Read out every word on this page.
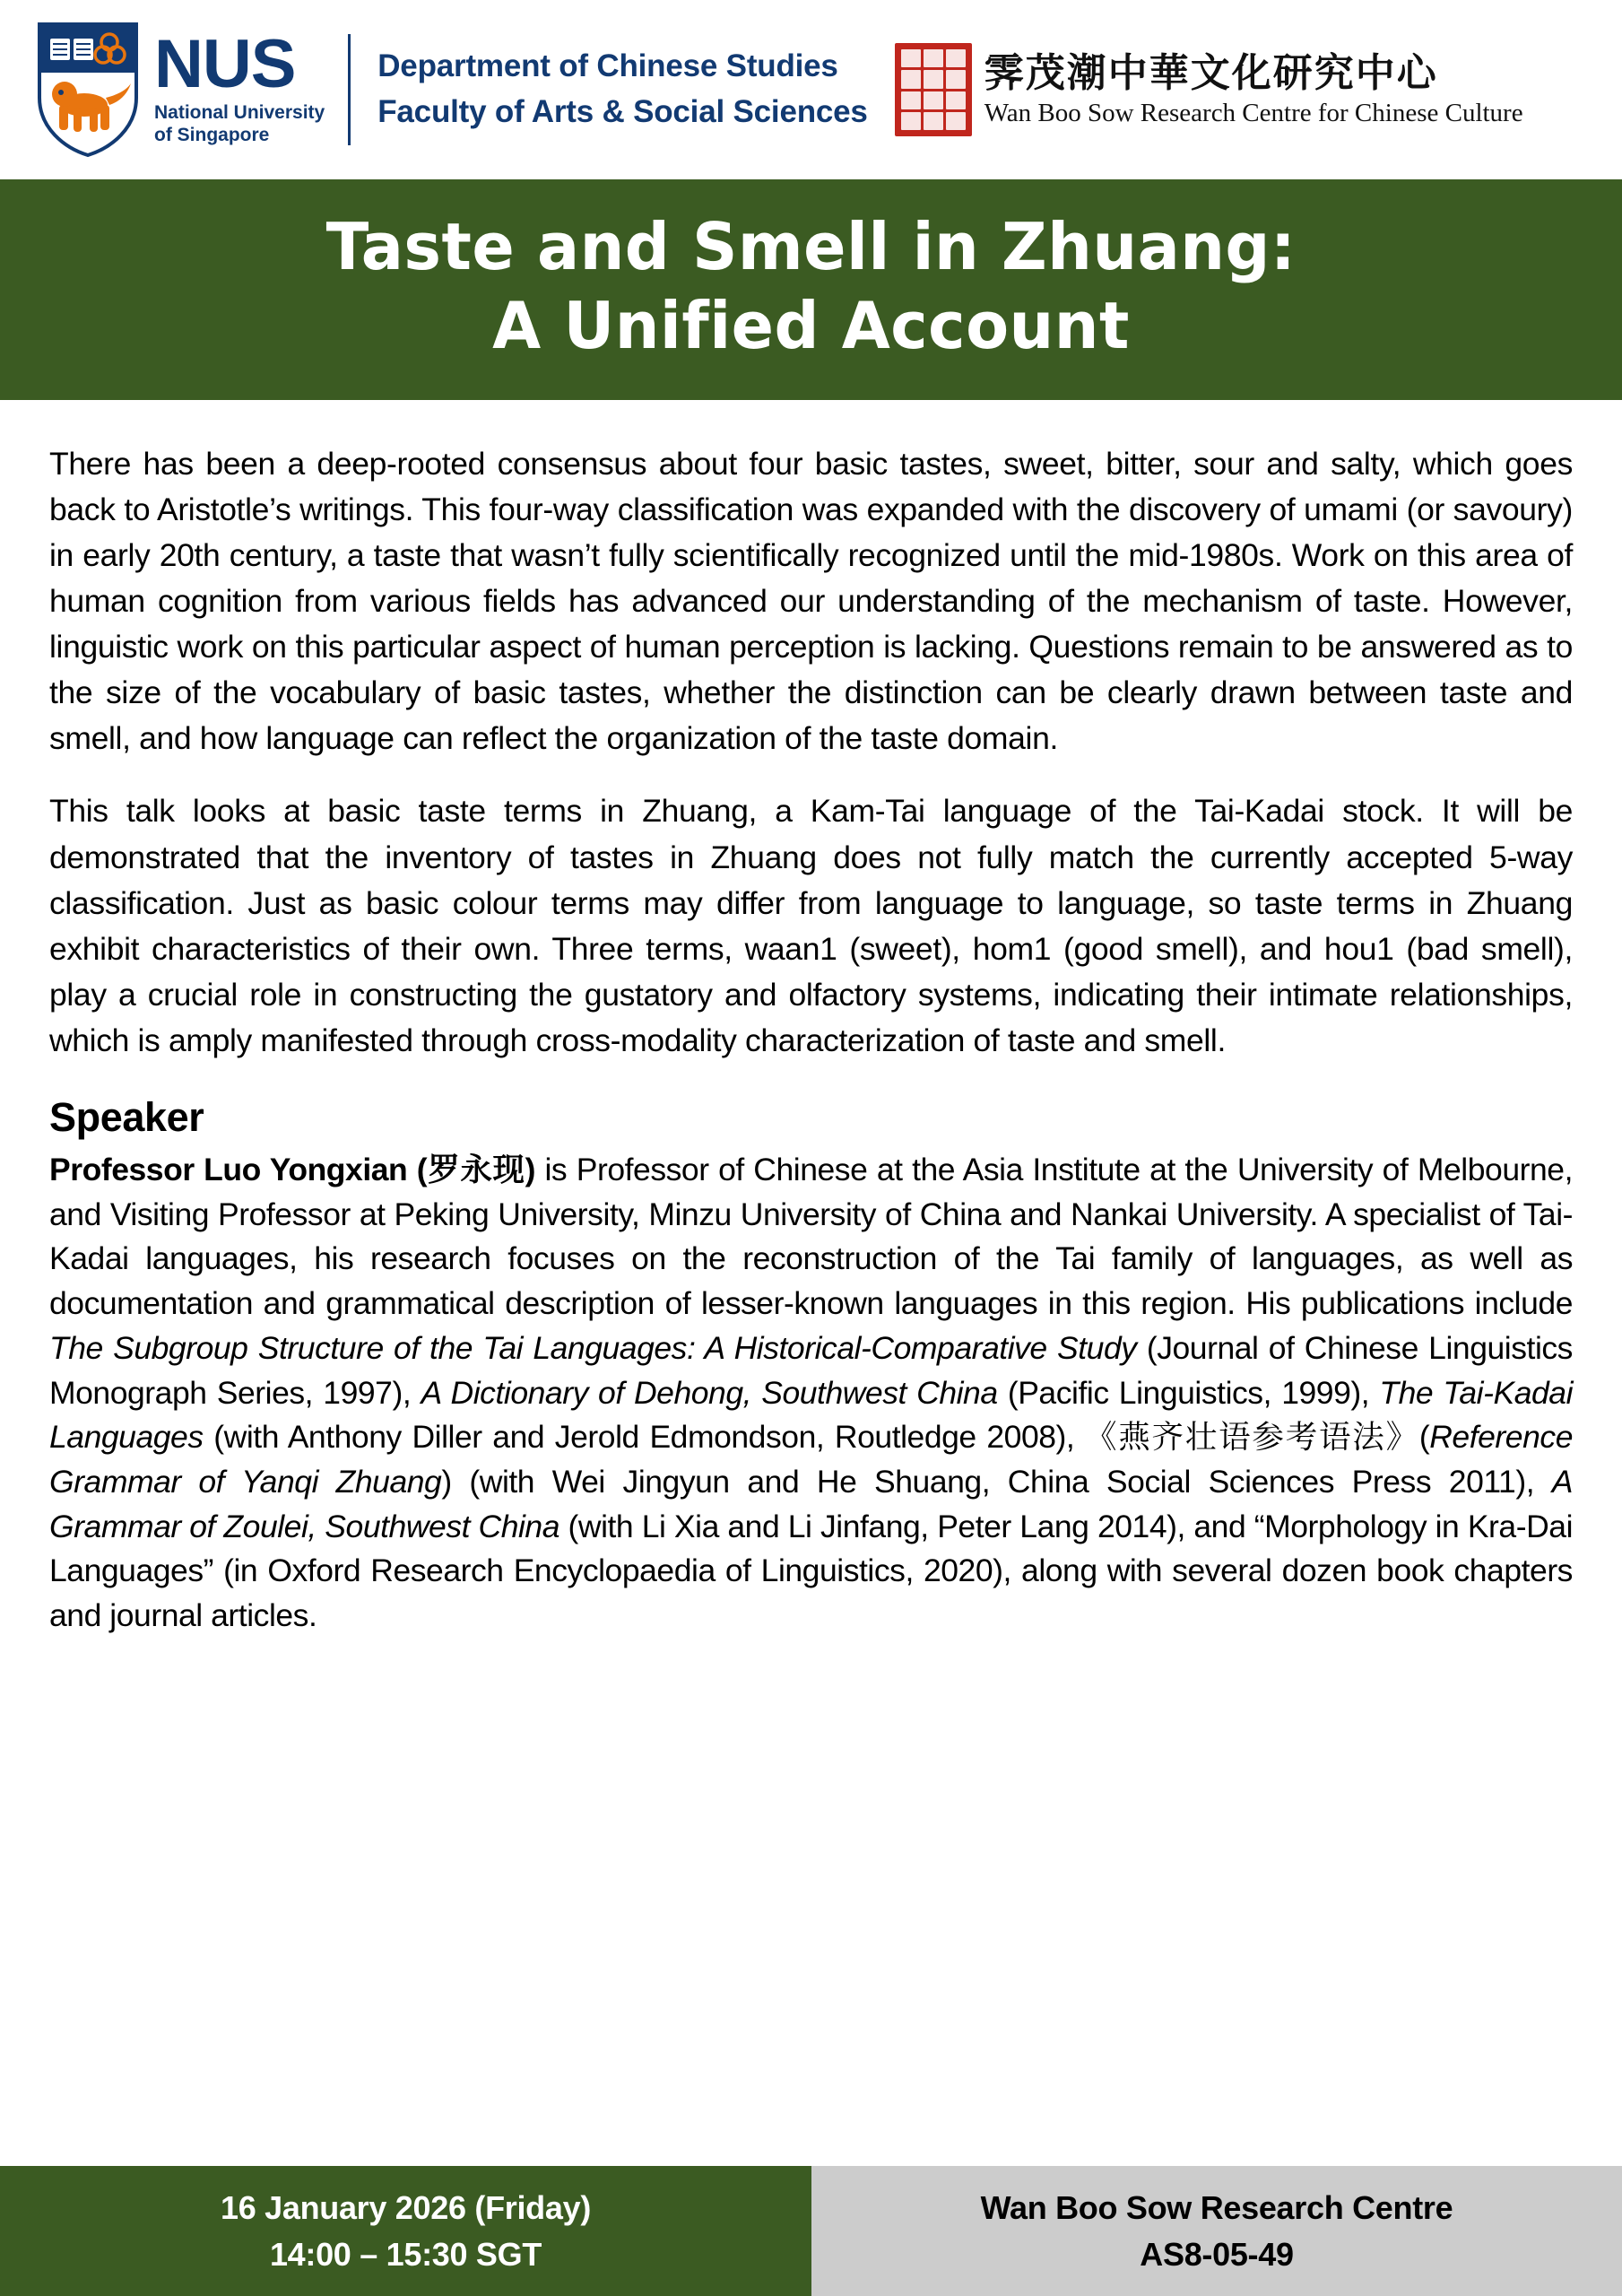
NUS
National University
of Singapore
Department of Chinese Studies
Faculty of Arts & Social Sciences
霁茂潮中華文化研究中心
Wan Boo Sow Research Centre for Chinese Culture
Taste and Smell in Zhuang:
A Unified Account

There has been a deep-rooted consensus about four basic tastes, sweet, bitter, sour and salty, which goes back to Aristotle’s writings. This four-way classification was expanded with the discovery of umami (or savoury) in early 20th century, a taste that wasn’t fully scientifically recognized until the mid-1980s. Work on this area of human cognition from various fields has advanced our understanding of the mechanism of taste. However, linguistic work on this particular aspect of human perception is lacking. Questions remain to be answered as to the size of the vocabulary of basic tastes, whether the distinction can be clearly drawn between taste and smell, and how language can reflect the organization of the taste domain.

This talk looks at basic taste terms in Zhuang, a Kam-Tai language of the Tai-Kadai stock. It will be demonstrated that the inventory of tastes in Zhuang does not fully match the currently accepted 5-way classification. Just as basic colour terms may differ from language to language, so taste terms in Zhuang exhibit characteristics of their own. Three terms, waan1 (sweet), hom1 (good smell), and hou1 (bad smell), play a crucial role in constructing the gustatory and olfactory systems, indicating their intimate relationships, which is amply manifested through cross-modality characterization of taste and smell.

Speaker

Professor Luo Yongxian (罗永现) is Professor of Chinese at the Asia Institute at the University of Melbourne, and Visiting Professor at Peking University, Minzu University of China and Nankai University. A specialist of Tai-Kadai languages, his research focuses on the reconstruction of the Tai family of languages, as well as documentation and grammatical description of lesser-known languages in this region. His publications include The Subgroup Structure of the Tai Languages: A Historical-Comparative Study (Journal of Chinese Linguistics Monograph Series, 1997), A Dictionary of Dehong, Southwest China (Pacific Linguistics, 1999), The Tai-Kadai Languages (with Anthony Diller and Jerold Edmondson, Routledge 2008), 《燕齐壮语参考语法》(Reference Grammar of Yanqi Zhuang) (with Wei Jingyun and He Shuang, China Social Sciences Press 2011), A Grammar of Zoulei, Southwest China (with Li Xia and Li Jinfang, Peter Lang 2014), and “Morphology in Kra-Dai Languages” (in Oxford Research Encyclopaedia of Linguistics, 2020), along with several dozen book chapters and journal articles.

16 January 2026 (Friday)
14:00 – 15:30 SGT
Wan Boo Sow Research Centre
AS8-05-49
